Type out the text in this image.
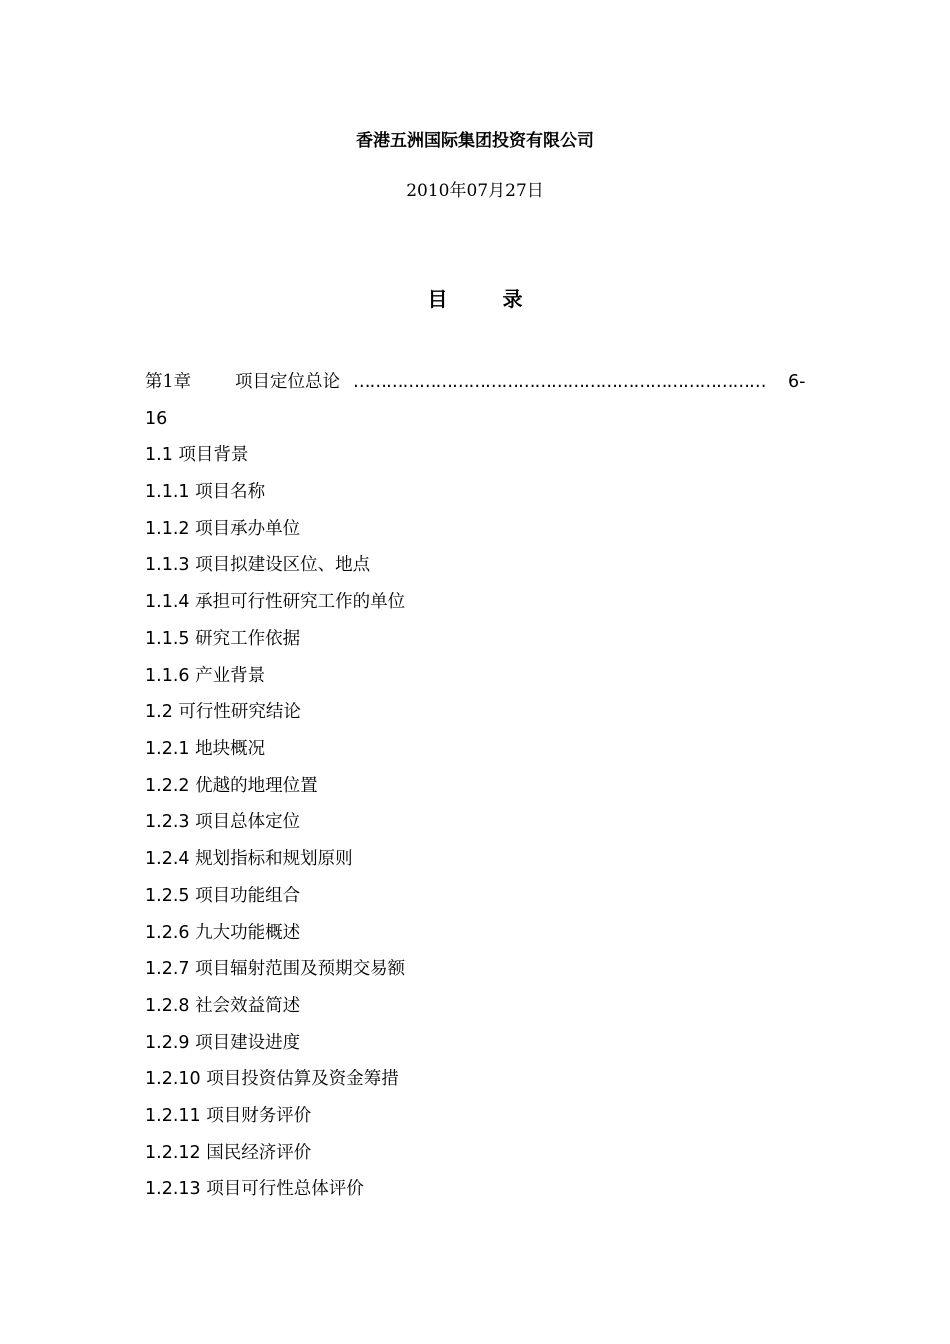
香港五洲国际集团投资有限公司
2010年07月27日
目 录
第1章	项目定位总论 …………………………………………………………………	6-
16
1.1 项目背景
1.1.1 项目名称
1.1.2 项目承办单位
1.1.3 项目拟建设区位、地点
1.1.4 承担可行性研究工作的单位
1.1.5 研究工作依据
1.1.6 产业背景
1.2 可行性研究结论
1.2.1 地块概况
1.2.2 优越的地理位置
1.2.3 项目总体定位
1.2.4 规划指标和规划原则
1.2.5 项目功能组合
1.2.6 九大功能概述
1.2.7 项目辐射范围及预期交易额
1.2.8 社会效益简述
1.2.9 项目建设进度
1.2.10 项目投资估算及资金筹措
1.2.11 项目财务评价
1.2.12 国民经济评价
1.2.13 项目可行性总体评价
